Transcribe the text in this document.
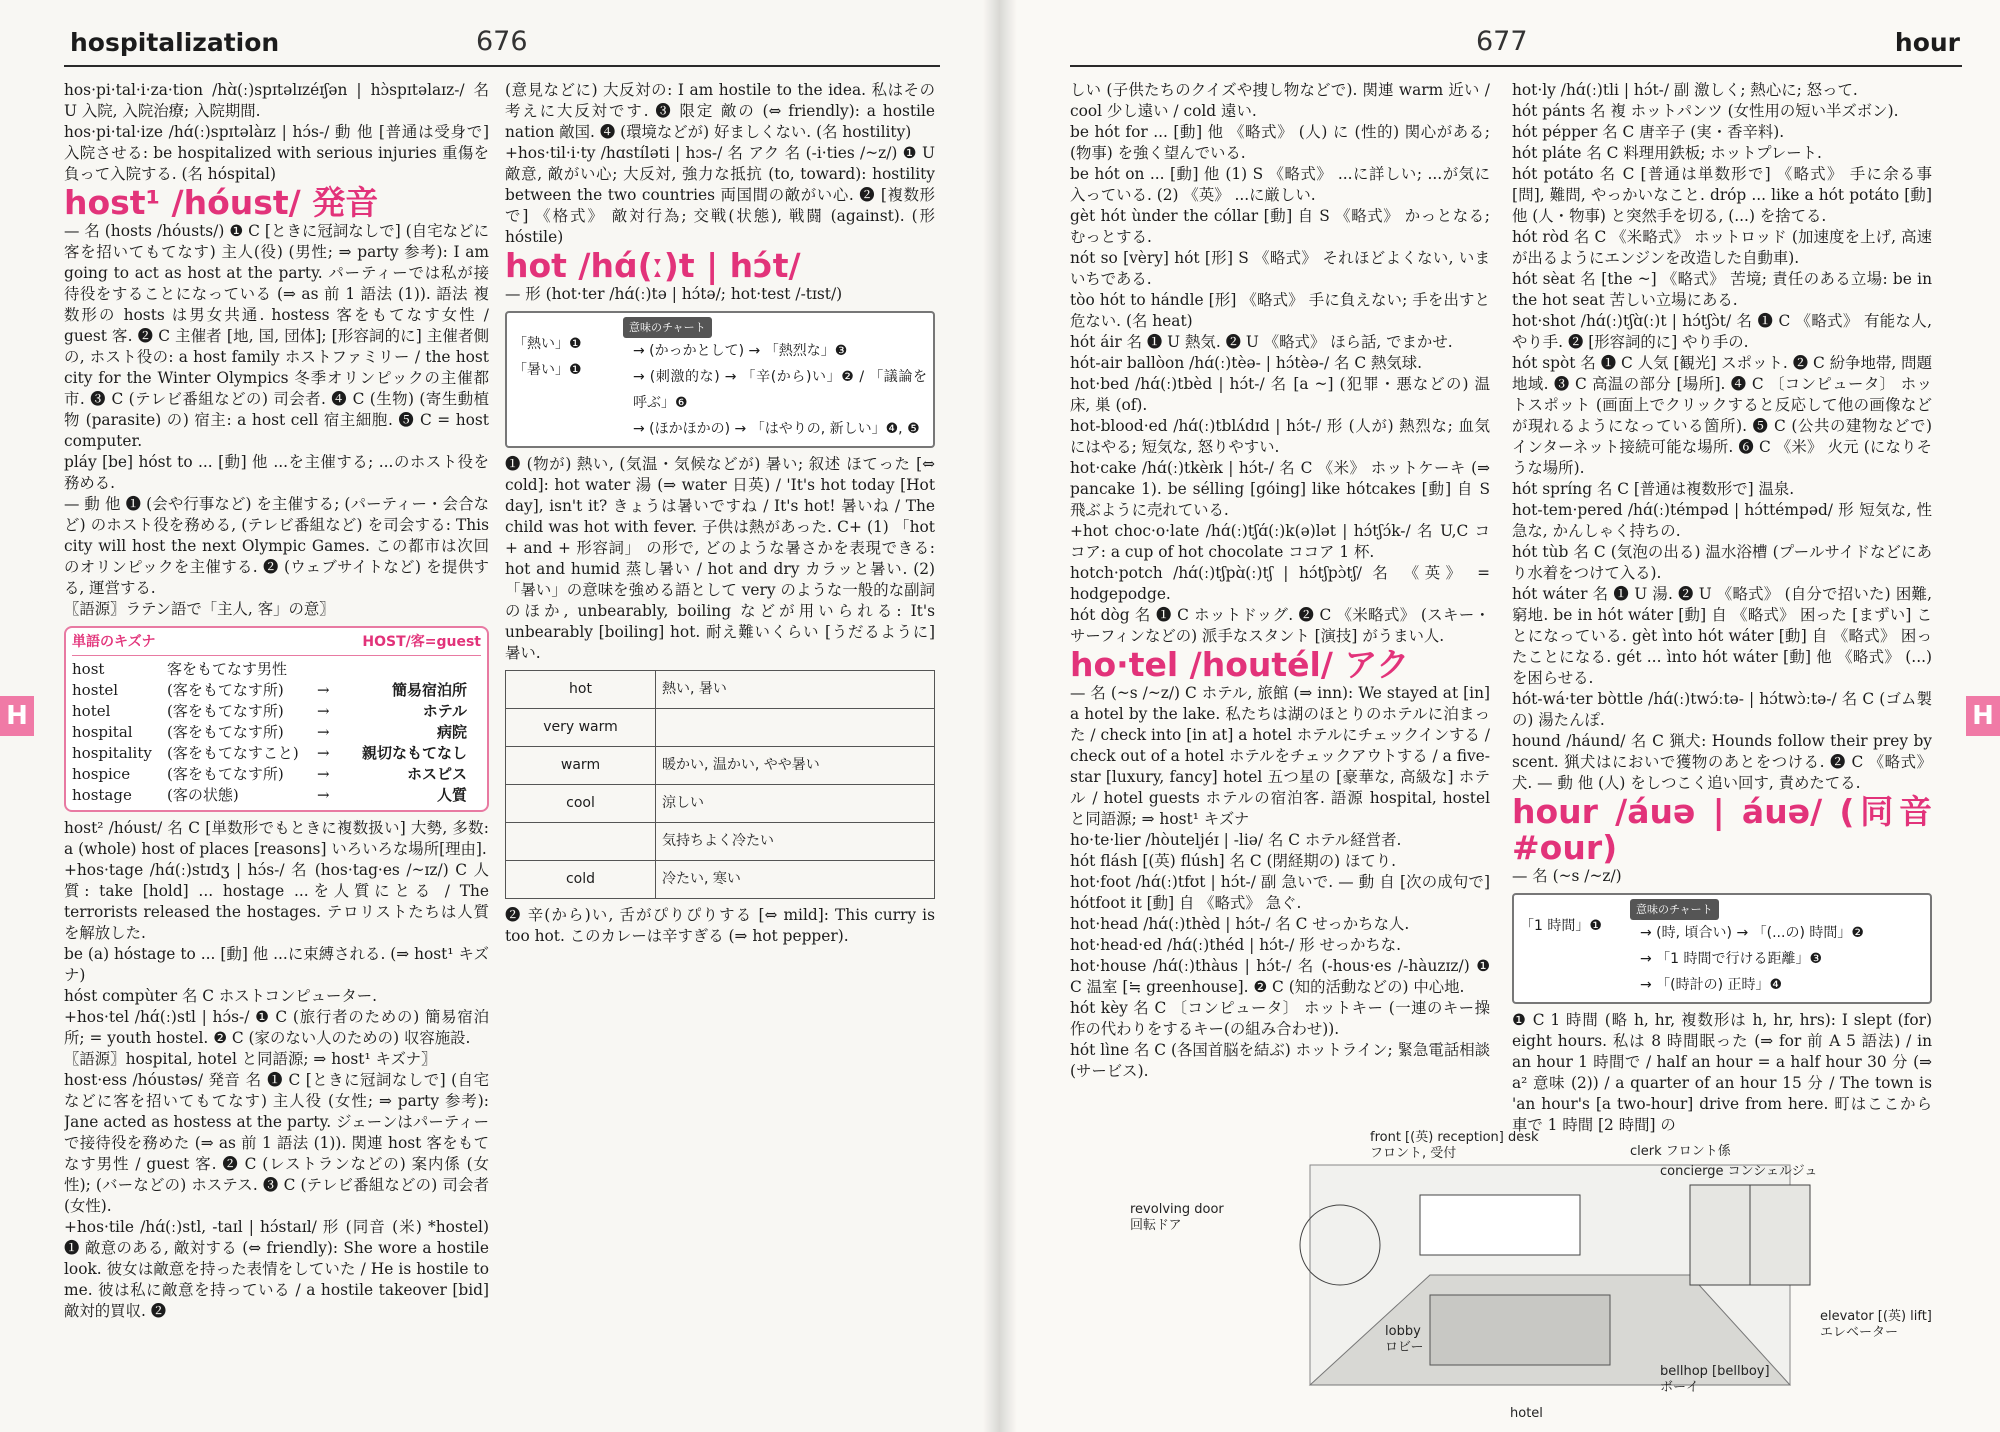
hospitalization	676

hos·pi·tal·i·za·tion /hɑ̀(ː)spɪtəlɪzéɪʃən | hɔ̀spɪtəlaɪz-/ 名 U 入院, 入院治療; 入院期間.

hos·pi·tal·ize /hɑ́(ː)spɪtəlàɪz | hɔ́s-/ 動 他 [普通は受身で] 入院させる: be hospitalized with serious injuries 重傷を負って入院する. (名 hóspital)

host¹ /hóust/ 発音

— 名 (hosts /hóusts/) ❶ C [ときに冠詞なしで] (自宅などに客を招いてもてなす) 主人(役) (男性; ⇒ party 参考): I am going to act as host at the party. パーティーでは私が接待役をすることになっている (⇒ as 前 1 語法 (1)). 語法 複数形の hosts は男女共通. hostess 客をもてなす女性 / guest 客. ❷ C 主催者 [地, 国, 団体]; [形容詞的に] 主催者側の, ホスト役の: a host family ホストファミリー / the host city for the Winter Olympics 冬季オリンピックの主催都市. ❸ C (テレビ番組などの) 司会者. ❹ C (生物) (寄生動植物 (parasite) の) 宿主: a host cell 宿主細胞. ❺ C = host computer.

pláy [be] hóst to ... [動] 他 ...を主催する; ...のホスト役を務める.

— 動 他 ❶ (会や行事など) を主催する; (パーティー・会合など) のホスト役を務める, (テレビ番組など) を司会する: This city will host the next Olympic Games. この都市は次回のオリンピックを主催する. ❷ (ウェブサイトなど) を提供する, 運営する.

〖語源〗ラテン語で「主人, 客」の意〗

単語のキズナ	HOST/客=guest
host	客をもてなす男性
hostel	(客をもてなす所)	→	簡易宿泊所
hotel	(客をもてなす所)	→	ホテル
hospital	(客をもてなす所)	→	病院
hospitality	(客をもてなすこと)	→	親切なもてなし
hospice	(客をもてなす所)	→	ホスピス
hostage	(客の状態)	→	人質

host² /hóust/ 名 C [単数形でもときに複数扱い] 大勢, 多数: a (whole) host of places [reasons] いろいろな場所[理由].

+hos·tage /hɑ́(ː)stɪdʒ | hɔ́s-/ 名 (hos·tag·es /~ɪz/) C 人質: take [hold] ... hostage ...を人質にとる / The terrorists released the hostages. テロリストたちは人質を解放した.

be (a) hóstage to ... [動] 他 ...に束縛される. (⇒ host¹ キズナ)

hóst compùter 名 C ホストコンピューター.

+hos·tel /hɑ́(ː)stl | hɔ́s-/ ❶ C (旅行者のための) 簡易宿泊所; = youth hostel. ❷ C (家のない人のための) 収容施設.

〖語源〗hospital, hotel と同語源; ⇒ host¹ キズナ〗

host·ess /hóustəs/ 発音 名 ❶ C [ときに冠詞なしで] (自宅などに客を招いてもてなす) 主人役 (女性; ⇒ party 参考): Jane acted as hostess at the party. ジェーンはパーティーで接待役を務めた (⇒ as 前 1 語法 (1)). 関連 host 客をもてなす男性 / guest 客. ❷ C (レストランなどの) 案内係 (女性); (バーなどの) ホステス. ❸ C (テレビ番組などの) 司会者 (女性).

+hos·tile /hɑ́(ː)stl, -taɪl | hɔ́staɪl/ 形 (同音 (米) *hostel) ❶ 敵意のある, 敵対する (⇔ friendly): She wore a hostile look. 彼女は敵意を持った表情をしていた / He is hostile to me. 彼は私に敵意を持っている / a hostile takeover [bid] 敵対的買収. ❷

(意見などに) 大反対の: I am hostile to the idea. 私はその考えに大反対です. ❸ 限定 敵の (⇔ friendly): a hostile nation 敵国. ❹ (環境などが) 好ましくない. (名 hostility)

+hos·til·i·ty /hɑstíləti | hɔs-/ 名 アク 名 (-i·ties /~z/) ❶ U 敵意, 敵がい心; 大反対, 強力な抵抗 (to, toward): hostility between the two countries 両国間の敵がい心. ❷ [複数形で] 《格式》 敵対行為; 交戦(状態), 戦闘 (against). (形 hóstile)

hot /hɑ́(ː)t | hɔ́t/

— 形 (hot·ter /hɑ́(ː)tə | hɔ́tə/; hot·test /-tɪst/)

意味のチャート
「熱い」❶
「暑い」❶
→ (かっかとして) → 「熱烈な」❸
→ (刺激的な) → 「辛(から)い」❷ / 「議論を呼ぶ」❻
→ (ほかほかの) → 「はやりの, 新しい」❹, ❺

❶ (物が) 熱い, (気温・気候などが) 暑い; 叙述 ほてった [⇔ cold]: hot water 湯 (⇒ water 日英) / 'It's hot today [Hot day], isn't it? きょうは暑いですね / It's hot! 暑いね / The child was hot with fever. 子供は熱があった. C+ (1) 「hot + and + 形容詞」 の形で, どのような暑さかを表現できる: hot and humid 蒸し暑い / hot and dry カラッと暑い. (2) 「暑い」の意味を強める語として very のような一般的な副詞のほか, unbearably, boiling などが用いられる: It's unbearably [boiling] hot. 耐え難いくらい [うだるように] 暑い.

hot	熱い, 暑い
very warm	
warm	暖かい, 温かい, やや暑い
cool	涼しい
	気持ちよく冷たい
cold	冷たい, 寒い

❷ 辛(から)い, 舌がぴりぴりする [⇔ mild]: This curry is too hot. このカレーは辛すぎる (⇒ hot pepper).

H
677	hour

しい (子供たちのクイズや捜し物などで). 関連 warm 近い / cool 少し遠い / cold 遠い.

be hót for ... [動] 他 《略式》 (人) に (性的) 関心がある; (物事) を強く望んでいる.

be hót on ... [動] 他 (1) S 《略式》 ...に詳しい; ...が気に入っている. (2) 《英》 ...に厳しい.

gèt hót ùnder the cóllar [動] 自 S 《略式》 かっとなる; むっとする.

nót so [vèry] hót [形] S 《略式》 それほどよくない, いまいちである.

tòo hót to hándle [形] 《略式》 手に負えない; 手を出すと危ない. (名 heat)

hót áir 名 ❶ U 熱気. ❷ U 《略式》 ほら話, でまかせ.

hót-air ballòon /hɑ́(ː)tèə- | hɔ́tèə-/ 名 C 熱気球.

hot·bed /hɑ́(ː)tbèd | hɔ́t-/ 名 [a ~] (犯罪・悪などの) 温床, 巣 (of).

hot-blood·ed /hɑ́(ː)tblʌ́dɪd | hɔ́t-/ 形 (人が) 熱烈な; 血気にはやる; 短気な, 怒りやすい.

hot·cake /hɑ́(ː)tkèɪk | hɔ́t-/ 名 C 《米》 ホットケーキ (⇒ pancake 1). be sélling [góing] like hótcakes [動] 自 S 飛ぶように売れている.

+hot choc·o·late /hɑ́(ː)tʃɑ́(ː)k(ə)lət | hɔ́tʃɔ́k-/ 名 U,C ココア: a cup of hot chocolate ココア 1 杯.

hotch·potch /hɑ́(ː)tʃpɑ̀(ː)tʃ | hɔ́tʃpɔ̀tʃ/ 名 《英》 = hodgepodge.

hót dòg 名 ❶ C ホットドッグ. ❷ C 《米略式》 (スキー・サーフィンなどの) 派手なスタント [演技] がうまい人.

ho·tel /houtél/ アク

— 名 (~s /~z/) C ホテル, 旅館 (⇒ inn): We stayed at [in] a hotel by the lake. 私たちは湖のほとりのホテルに泊まった / check into [in at] a hotel ホテルにチェックインする / check out of a hotel ホテルをチェックアウトする / a five-star [luxury, fancy] hotel 五つ星の [豪華な, 高級な] ホテル / hotel guests ホテルの宿泊客. 語源 hospital, hostel と同語源; ⇒ host¹ キズナ

ho·te·lier /hòuteljéɪ | -liə/ 名 C ホテル経営者.

hót flásh [(英) flúsh] 名 C (閉経期の) ほてり.

hot·foot /hɑ́(ː)tfʊt | hɔ́t-/ 副 急いで. — 動 自 [次の成句で] hótfoot it [動] 自 《略式》 急ぐ.

hot·head /hɑ́(ː)thèd | hɔ́t-/ 名 C せっかちな人.

hot·head·ed /hɑ́(ː)théd | hɔ́t-/ 形 せっかちな.

hot·house /hɑ́(ː)thàus | hɔ́t-/ 名 (-hous·es /-hàuzɪz/) ❶ C 温室 [≒ greenhouse]. ❷ C (知的活動などの) 中心地.

hót kèy 名 C 〔コンピュータ〕 ホットキー (一連のキー操作の代わりをするキー(の組み合わせ)).

hót lìne 名 C (各国首脳を結ぶ) ホットライン; 緊急電話相談 (サービス).

hot·ly /hɑ́(ː)tli | hɔ́t-/ 副 激しく; 熱心に; 怒って.

hót pánts 名 複 ホットパンツ (女性用の短い半ズボン).

hót pépper 名 C 唐辛子 (実・香辛料).

hót pláte 名 C 料理用鉄板; ホットプレート.

hót potáto 名 C [普通は単数形で] 《略式》 手に余る事[問], 難問, やっかいなこと. dróp ... like a hót potáto [動] 他 (人・物事) と突然手を切る, (...) を捨てる.

hót ròd 名 C 《米略式》 ホットロッド (加速度を上げ, 高速が出るようにエンジンを改造した自動車).

hót sèat 名 [the ~] 《略式》 苦境; 責任のある立場: be in the hot seat 苦しい立場にある.

hot·shot /hɑ́(ː)tʃɑ̀(ː)t | hɔ́tʃɔ̀t/ 名 ❶ C 《略式》 有能な人, やり手. ❷ [形容詞的に] やり手の.

hót spòt 名 ❶ C 人気 [観光] スポット. ❷ C 紛争地帯, 問題地域. ❸ C 高温の部分 [場所]. ❹ C 〔コンピュータ〕 ホットスポット (画面上でクリックすると反応して他の画像などが現れるようになっている箇所). ❺ C (公共の建物などで) インターネット接続可能な場所. ❻ C 《米》 火元 (になりそうな場所).

hót spríng 名 C [普通は複数形で] 温泉.

hot-tem·pered /hɑ́(ː)témpəd | hɔ́ttémpəd/ 形 短気な, 性急な, かんしゃく持ちの.

hót tùb 名 C (気泡の出る) 温水浴槽 (プールサイドなどにあり水着をつけて入る).

hót wáter 名 ❶ U 湯. ❷ U 《略式》 (自分で招いた) 困難, 窮地. be in hót wáter [動] 自 《略式》 困った [まずい] ことになっている. gèt ìnto hót wáter [動] 自 《略式》 困ったことになる. gét ... ìnto hót wáter [動] 他 《略式》 (...) を困らせる.

hót-wá·ter bòttle /hɑ́(ː)twɔ́ːtə- | hɔ́twɔ̀ːtə-/ 名 C (ゴム製の) 湯たんぽ.

hound /háund/ 名 C 猟犬: Hounds follow their prey by scent. 猟犬はにおいで獲物のあとをつける. ❷ C 《略式》 犬. — 動 他 (人) をしつこく追い回す, 責めたてる.

hour /áuə | áuə/ (同音 #our)

— 名 (~s /~z/)

意味のチャート
「1 時間」❶	→ (時, 頃合い) → 「(...の) 時間」❷
→ 「1 時間で行ける距離」❸
→ 「(時計の) 正時」❹

❶ C 1 時間 (略 h, hr, 複数形は h, hr, hrs): I slept (for) eight hours. 私は 8 時間眠った (⇒ for 前 A 5 語法) / in an hour 1 時間で / half an hour = a half hour 30 分 (⇒ a² 意味 (2)) / a quarter of an hour 15 分 / The town is 'an hour's [a two-hour] drive from here. 町はここから車で 1 時間 [2 時間] の

H
front [(英) reception] desk
フロント, 受付	clerk フロント係
concierge コンシェルジュ
revolving door
回転ドア
lobby
ロビー
bellhop [bellboy]
ボーイ
elevator [(英) lift]
エレベーター
hotel
